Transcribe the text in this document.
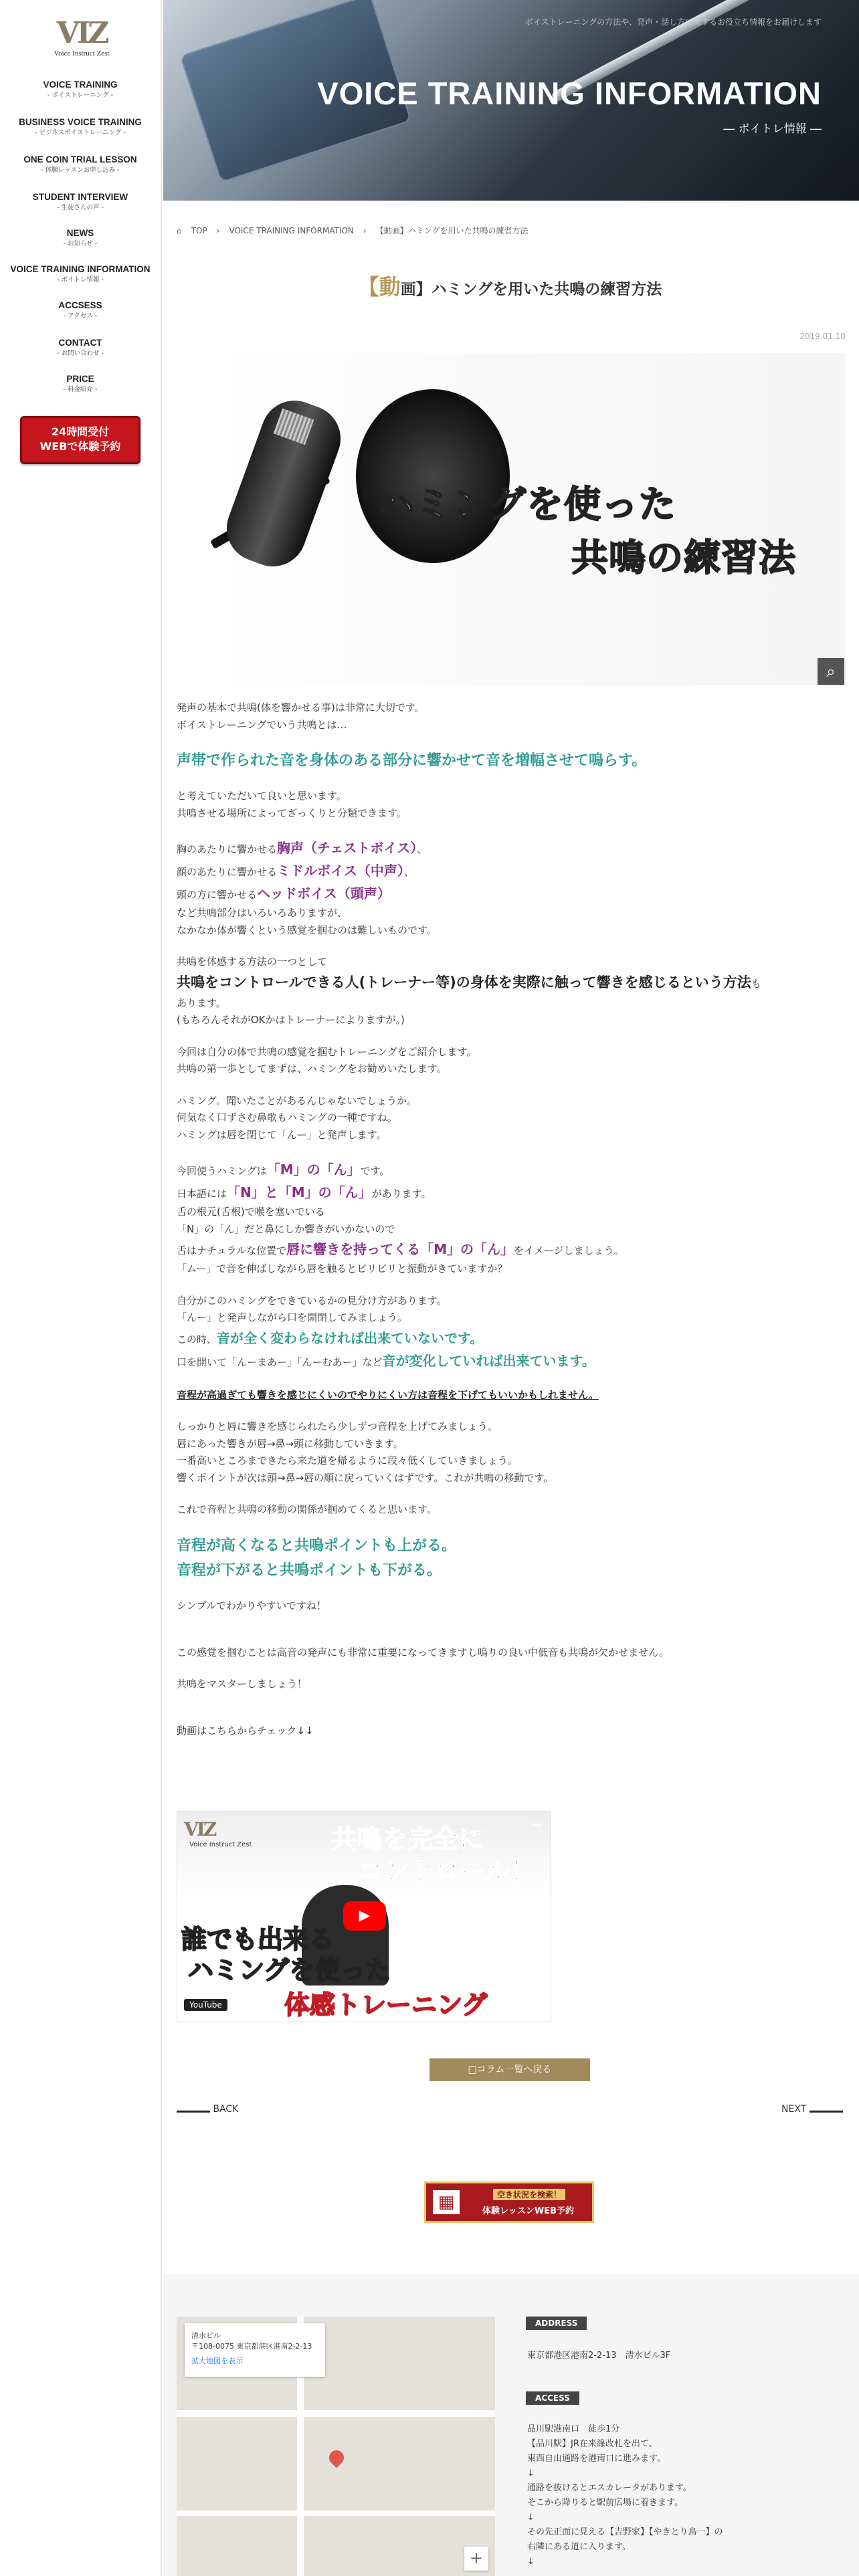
VIZ
Voice Instruct Zest
VOICE TRAINING
- ボイストレーニング -
BUSINESS VOICE TRAINING
- ビジネスボイストレーニング -
ONE COIN TRIAL LESSON
- 体験レッスンお申し込み -
STUDENT INTERVIEW
- 生徒さんの声 -
NEWS
- お知らせ -
VOICE TRAINING INFORMATION
- ボイトレ情報 -
ACCSESS
- アクセス -
CONTACT
- お問い合わせ -
PRICE
- 料金紹介 -
24時間受付
WEBで体験予約
ボイストレーニングの方法や、発声・話し方に関するお役立ち情報をお届けします
VOICE TRAINING INFORMATION
― ボイトレ情報 ―
⌂ TOP › VOICE TRAINING INFORMATION › 【動画】ハミングを用いた共鳴の練習方法
【動画】ハミングを用いた共鳴の練習方法
2019.01.10
ハミングを使った
共鳴の練習法
⌕

発声の基本で共鳴(体を響かせる事)は非常に大切です。

ボイストレーニングでいう共鳴とは…

声帯で作られた音を身体のある部分に響かせて音を増幅させて鳴らす。

と考えていただいて良いと思います。

共鳴させる場所によってざっくりと分類できます。

胸のあたりに響かせる胸声（チェストボイス）、

顔のあたりに響かせるミドルボイス（中声）、

頭の方に響かせるヘッドボイス（頭声）

など共鳴部分はいろいろありますが、

なかなか体が響くという感覚を掴むのは難しいものです。

共鳴を体感する方法の一つとして

共鳴をコントロールできる人(トレーナー等)の身体を実際に触って響きを感じるという方法も

あります。

(もちろんそれがOKかはトレーナーによりますが。)

今回は自分の体で共鳴の感覚を掴むトレーニングをご紹介します。

共鳴の第一歩としてまずは、ハミングをお勧めいたします。

ハミング。聞いたことがあるんじゃないでしょうか。

何気なく口ずさむ鼻歌もハミングの一種ですね。

ハミングは唇を閉じて「んー」と発声します。

今回使うハミングは「M」の「ん」です。

日本語には「N」と「M」の「ん」があります。

舌の根元(舌根)で喉を塞いでいる

「N」の「ん」だと鼻にしか響きがいかないので

舌はナチュラルな位置で唇に響きを持ってくる「M」の「ん」をイメージしましょう。

「ムー」で音を伸ばしながら唇を触るとビリビリと振動がきていますか？

自分がこのハミングをできているかの見分け方があります。

「んー」と発声しながら口を開閉してみましょう。

この時、音が全く変わらなければ出来ていないです。

口を開いて「んーまあー」「んーむあー」など音が変化していれば出来ています。

音程が高過ぎても響きを感じにくいのでやりにくい方は音程を下げてもいいかもしれません。

しっかりと唇に響きを感じられたら少しずつ音程を上げてみましょう。

唇にあった響きが唇→鼻→頭に移動していきます。

一番高いところまできたら来た道を帰るように段々低くしていきましょう。

響くポイントが次は頭→鼻→唇の順に戻っていくはずです。これが共鳴の移動です。

これで音程と共鳴の移動の関係が掴めてくると思います。

音程が高くなると共鳴ポイントも上がる。

音程が下がると共鳴ポイントも下がる。

シンプルでわかりやすいですね！

この感覚を掴むことは高音の発声にも非常に重要になってきますし鳴りの良い中低音も共鳴が欠かせません。

共鳴をマスターしましょう！

動画はこちらからチェック↓↓

VIZ
Voice Instruct Zest	共鳴を完全に
コントロール！
誰でも出来る
ハミングを使った
体感トレーニング
▶
↪
YouTube
□コラム一覧へ戻る
BACK	NEXT
▦	空き状況を検索！
体験レッスンWEB予約
清水ビル
〒108-0075 東京都港区港南2-2-13
拡大地図を表示
+
ADDRESS
東京都港区港南2-2-13　清水ビル3F
ACCESS
品川駅港南口　徒歩1分
【品川駅】JR在来線改札を出て、
東西自由通路を港南口に進みます。
↓
通路を抜けるとエスカレータがあります。
そこから降りると駅前広場に着きます。
↓
その先正面に見える【吉野家】【やきとり鳥一】の
右隣にある道に入ります。
↓
